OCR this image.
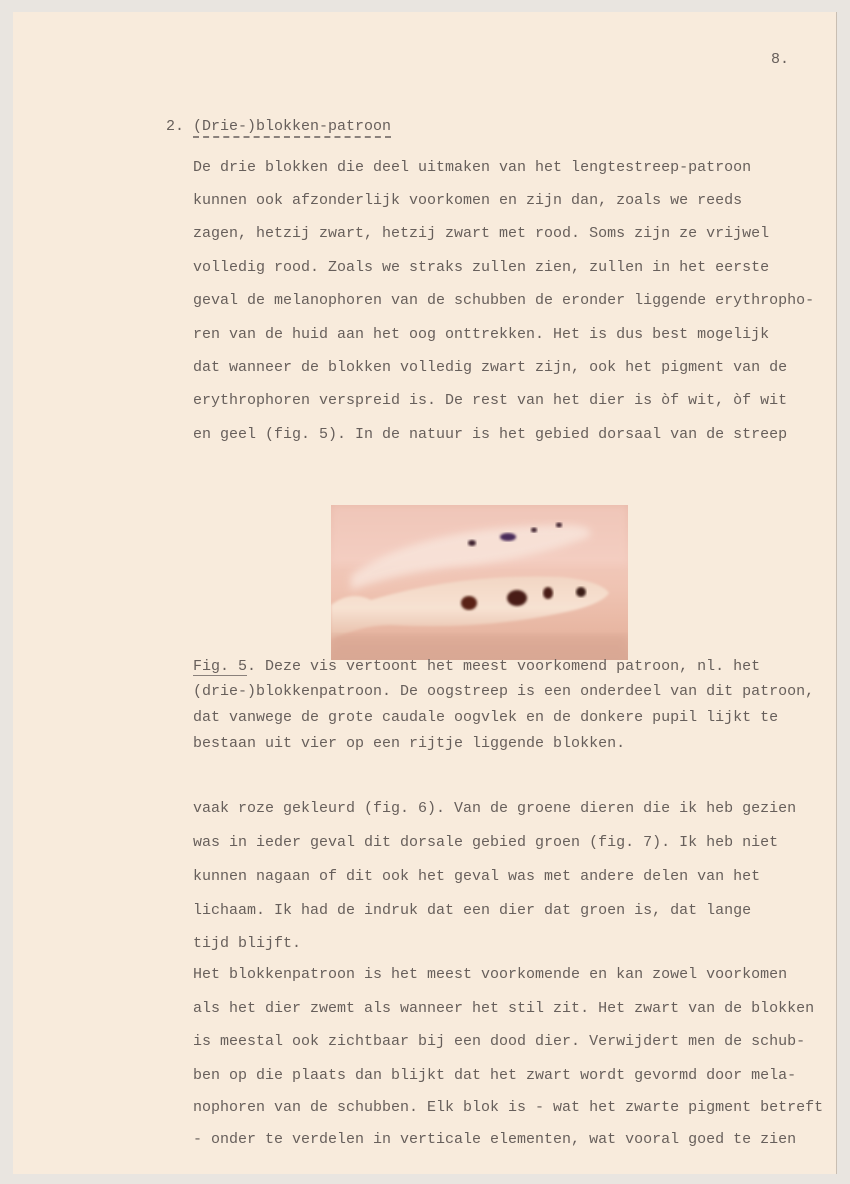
8.
2. (Drie-)blokken-patroon
De drie blokken die deel uitmaken van het lengtestreep-patroon
kunnen ook afzonderlijk voorkomen en zijn dan, zoals we reeds
zagen, hetzij zwart, hetzij zwart met rood. Soms zijn ze vrijwel
volledig rood. Zoals we straks zullen zien, zullen in het eerste
geval de melanophoren van de schubben de eronder liggende erythropho-
ren van de huid aan het oog onttrekken. Het is dus best mogelijk
dat wanneer de blokken volledig zwart zijn, ook het pigment van de
erythrophoren verspreid is. De rest van het dier is òf wit, òf wit
en geel (fig. 5). In de natuur is het gebied dorsaal van de streep
Fig. 5. Deze vis vertoont het meest voorkomend patroon, nl. het
(drie-)blokkenpatroon. De oogstreep is een onderdeel van dit patroon,
dat vanwege de grote caudale oogvlek en de donkere pupil lijkt te
bestaan uit vier op een rijtje liggende blokken.
vaak roze gekleurd (fig. 6). Van de groene dieren die ik heb gezien
was in ieder geval dit dorsale gebied groen (fig. 7). Ik heb niet
kunnen nagaan of dit ook het geval was met andere delen van het
lichaam. Ik had de indruk dat een dier dat groen is, dat lange
tijd blijft.
Het blokkenpatroon is het meest voorkomende en kan zowel voorkomen
als het dier zwemt als wanneer het stil zit. Het zwart van de blokken
is meestal ook zichtbaar bij een dood dier. Verwijdert men de schub-
ben op die plaats dan blijkt dat het zwart wordt gevormd door mela-
nophoren van de schubben. Elk blok is - wat het zwarte pigment betreft
- onder te verdelen in verticale elementen, wat vooral goed te zien
